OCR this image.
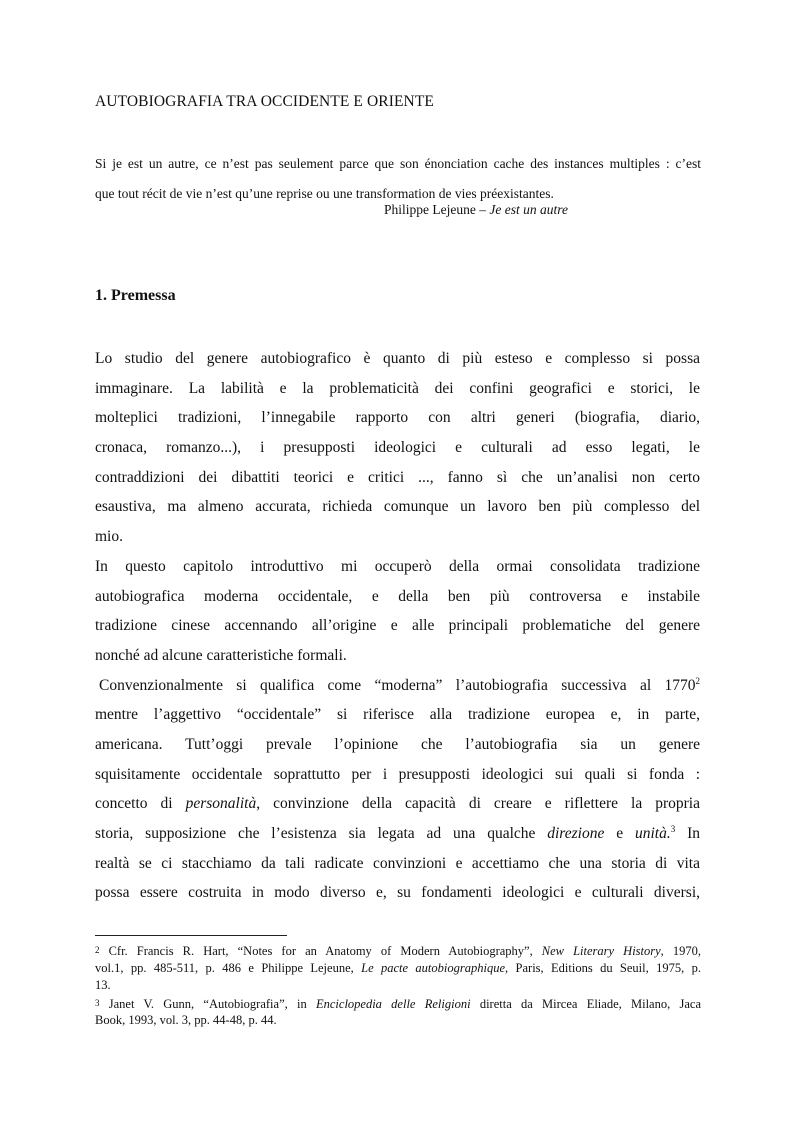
AUTOBIOGRAFIA TRA OCCIDENTE E ORIENTE
Si je est un autre, ce n’est pas seulement parce que son énonciation cache des instances multiples : c’est
que tout récit de vie n’est qu’une reprise ou une transformation de vies préexistantes.
Philippe Lejeune – Je est un autre
1. Premessa
Lo studio del genere autobiografico è quanto di più esteso e complesso si possa
immaginare. La labilità e la problematicità dei confini geografici e storici, le
molteplici tradizioni, l’innegabile rapporto con altri generi (biografia, diario,
cronaca, romanzo...), i presupposti ideologici e culturali ad esso legati, le
contraddizioni dei dibattiti teorici e critici ..., fanno sì che un’analisi non certo
esaustiva, ma almeno accurata, richieda comunque un lavoro ben più complesso del
mio.
In questo capitolo introduttivo mi occuperò della ormai consolidata tradizione
autobiografica moderna occidentale, e della ben più controversa e instabile
tradizione cinese accennando all’origine e alle principali problematiche del genere
nonché ad alcune caratteristiche formali.
Convenzionalmente si qualifica come “moderna” l’autobiografia successiva al 1770$^2$
mentre l’aggettivo “occidentale” si riferisce alla tradizione europea e, in parte,
americana. Tutt’oggi prevale l’opinione che l’autobiografia sia un genere
squisitamente occidentale soprattutto per i presupposti ideologici sui quali si fonda :
concetto di personalità, convinzione della capacità di creare e riflettere la propria
storia, supposizione che l’esistenza sia legata ad una qualche direzione e unità.$^3$ In
realtà se ci stacchiamo da tali radicate convinzioni e accettiamo che una storia di vita
possa essere costruita in modo diverso e, su fondamenti ideologici e culturali diversi,
2 Cfr. Francis R. Hart, “Notes for an Anatomy of Modern Autobiography”, New Literary History, 1970,
vol.1, pp. 485-511, p. 486 e Philippe Lejeune, Le pacte autobiographique, Paris, Editions du Seuil, 1975, p.
13.
3 Janet V. Gunn, “Autobiografia”, in Enciclopedia delle Religioni diretta da Mircea Eliade, Milano, Jaca
Book, 1993, vol. 3, pp. 44-48, p. 44.
